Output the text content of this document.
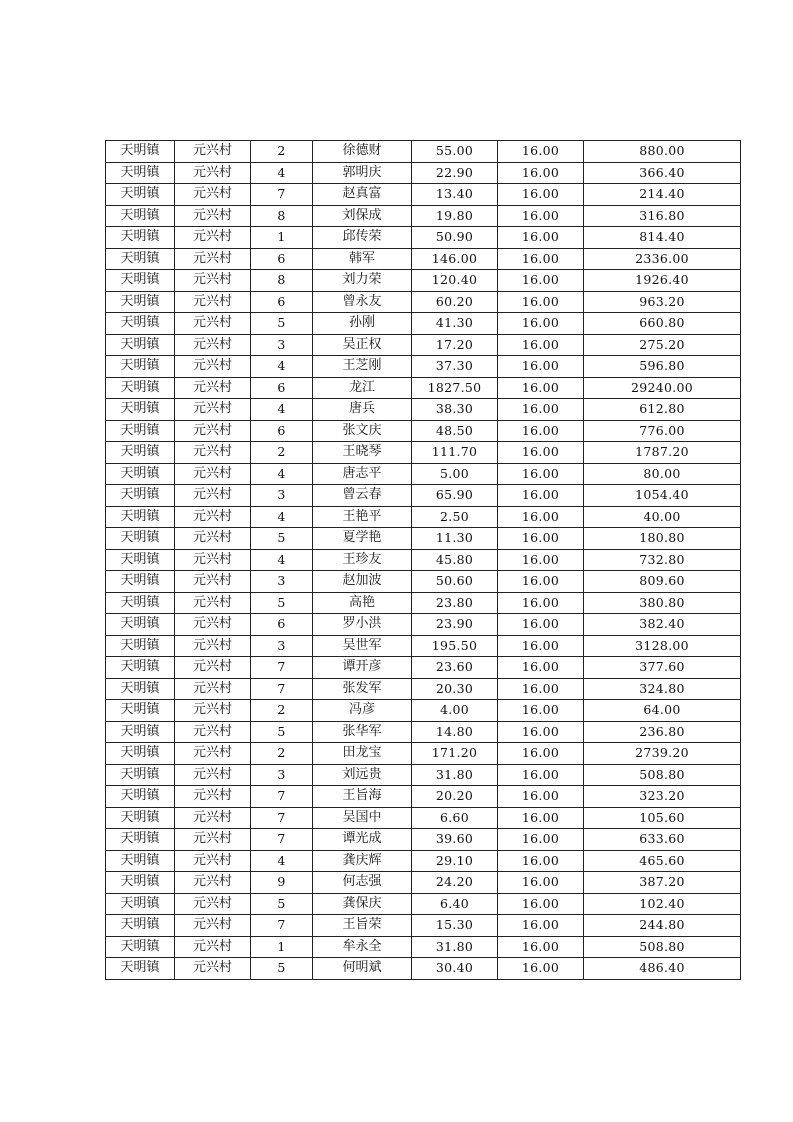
天明镇	元兴村	2	徐德财	55.00	16.00	880.00
天明镇	元兴村	4	郭明庆	22.90	16.00	366.40
天明镇	元兴村	7	赵真富	13.40	16.00	214.40
天明镇	元兴村	8	刘保成	19.80	16.00	316.80
天明镇	元兴村	1	邱传荣	50.90	16.00	814.40
天明镇	元兴村	6	韩军	146.00	16.00	2336.00
天明镇	元兴村	8	刘力荣	120.40	16.00	1926.40
天明镇	元兴村	6	曾永友	60.20	16.00	963.20
天明镇	元兴村	5	孙刚	41.30	16.00	660.80
天明镇	元兴村	3	吴正权	17.20	16.00	275.20
天明镇	元兴村	4	王芝刚	37.30	16.00	596.80
天明镇	元兴村	6	龙江	1827.50	16.00	29240.00
天明镇	元兴村	4	唐兵	38.30	16.00	612.80
天明镇	元兴村	6	张文庆	48.50	16.00	776.00
天明镇	元兴村	2	王晓琴	111.70	16.00	1787.20
天明镇	元兴村	4	唐志平	5.00	16.00	80.00
天明镇	元兴村	3	曾云春	65.90	16.00	1054.40
天明镇	元兴村	4	王艳平	2.50	16.00	40.00
天明镇	元兴村	5	夏学艳	11.30	16.00	180.80
天明镇	元兴村	4	王珍友	45.80	16.00	732.80
天明镇	元兴村	3	赵加波	50.60	16.00	809.60
天明镇	元兴村	5	高艳	23.80	16.00	380.80
天明镇	元兴村	6	罗小洪	23.90	16.00	382.40
天明镇	元兴村	3	吴世军	195.50	16.00	3128.00
天明镇	元兴村	7	谭开彦	23.60	16.00	377.60
天明镇	元兴村	7	张发军	20.30	16.00	324.80
天明镇	元兴村	2	冯彦	4.00	16.00	64.00
天明镇	元兴村	5	张华军	14.80	16.00	236.80
天明镇	元兴村	2	田龙宝	171.20	16.00	2739.20
天明镇	元兴村	3	刘远贵	31.80	16.00	508.80
天明镇	元兴村	7	王旨海	20.20	16.00	323.20
天明镇	元兴村	7	吴国中	6.60	16.00	105.60
天明镇	元兴村	7	谭光成	39.60	16.00	633.60
天明镇	元兴村	4	龚庆辉	29.10	16.00	465.60
天明镇	元兴村	9	何志强	24.20	16.00	387.20
天明镇	元兴村	5	龚保庆	6.40	16.00	102.40
天明镇	元兴村	7	王旨荣	15.30	16.00	244.80
天明镇	元兴村	1	牟永全	31.80	16.00	508.80
天明镇	元兴村	5	何明斌	30.40	16.00	486.40
